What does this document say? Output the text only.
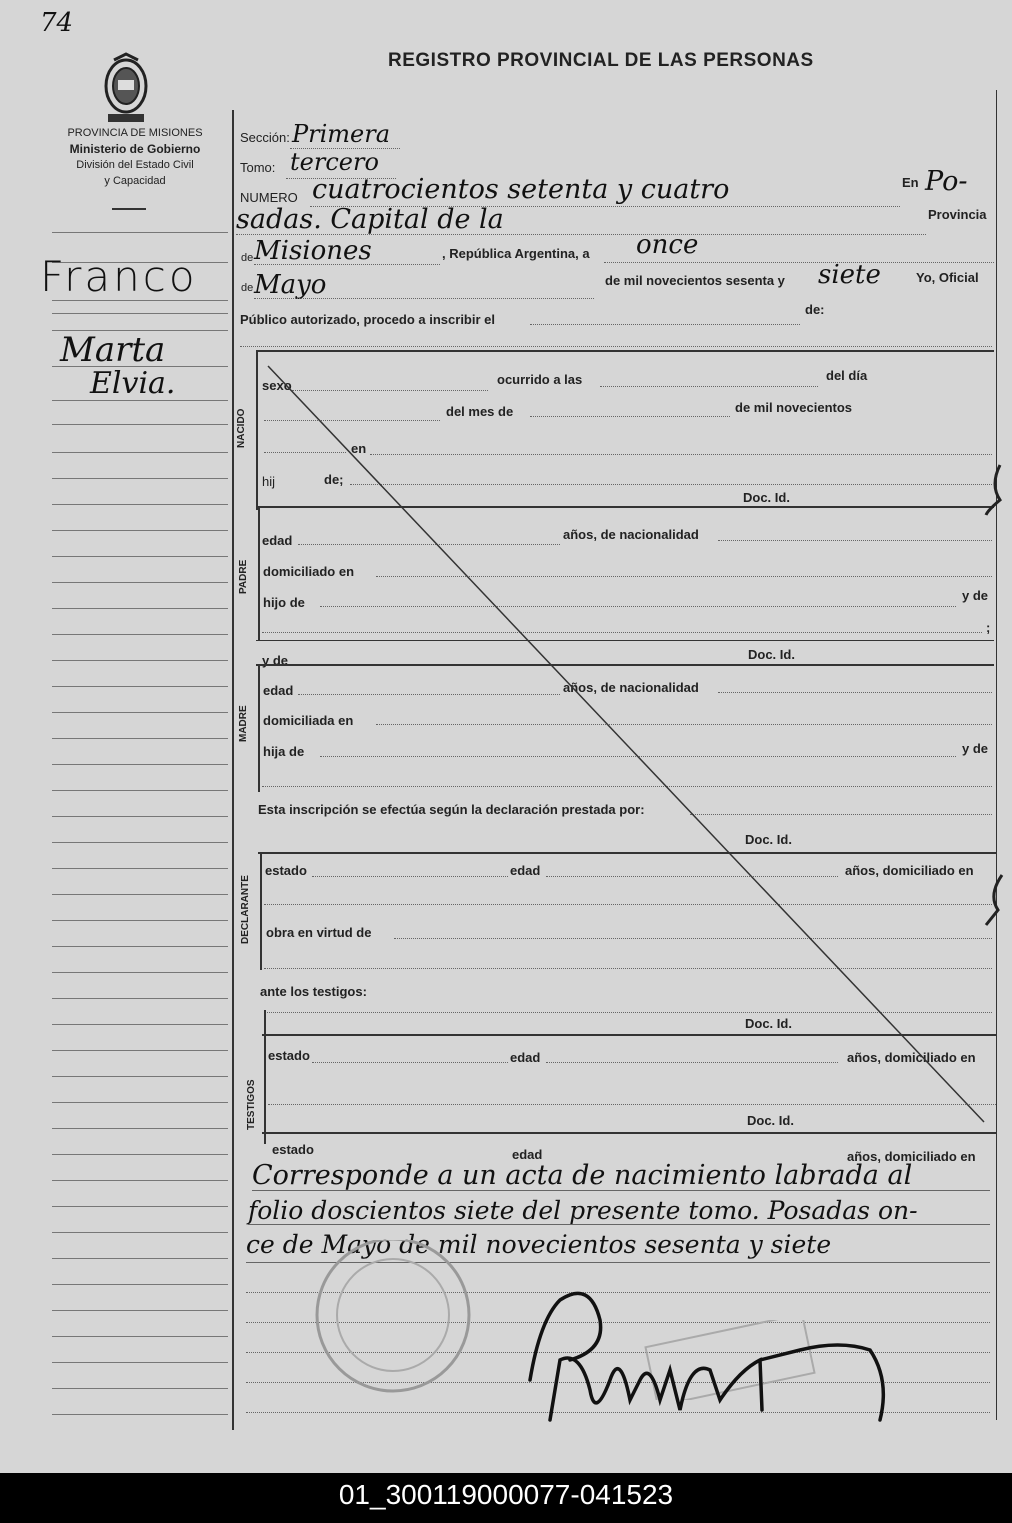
74
PROVINCIA DE MISIONES
Ministerio de Gobierno
División del Estado Civil
y Capacidad
REGISTRO PROVINCIAL DE LAS PERSONAS
Franco
Marta
Elvia.
Sección: Primera
Tomo: tercero
NUMERO cuatrocientos setenta y cuatro	En Po-
sadas. Capital de la	Provincia
de Misiones	, República Argentina, a once
de Mayo	de mil novecientos sesenta y siete	Yo, Oficial
Público autorizado, procedo a inscribir el
de:
NACIDO
sexo	ocurrido a las	del día
del mes de	de mil novecientos
en
hij	de;
Doc. Id.
PADRE
edad	años, de nacionalidad
domiciliado en
hijo de	y de
;
y de	Doc. Id.
MADRE
edad	años, de nacionalidad
domiciliada en
hija de	y de
Esta inscripción se efectúa según la declaración prestada por:
Doc. Id.
DECLARANTE
estado	edad	años, domiciliado en
obra en virtud de
ante los testigos:
Doc. Id.
TESTIGOS
estado	edad	años, domiciliado en
Doc. Id.
estado	edad	años, domiciliado en
Corresponde a un acta de nacimiento labrada al
folio doscientos siete del presente tomo. Posadas on-
ce de Mayo de mil novecientos sesenta y siete
01_300119000077-041523
